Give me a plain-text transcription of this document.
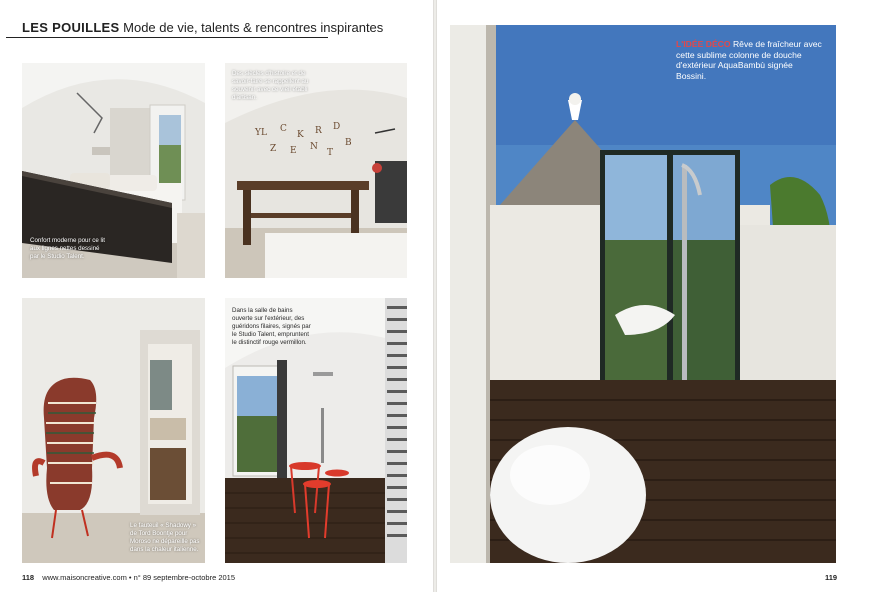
LES POUILLES Mode de vie, talents & rencontres inspirantes
Confort moderne pour ce lit aux lignes nettes dessiné par le Studio Talent.
YL C
K R D
Z E N
T
B
Des siècles d'histoire et de savoir-faire se rappellent au souvenir avec ce vieil établi d'artisan.
Le fauteuil « Shadowy » de Tord Boontje pour Moroso ne dépareille pas dans la chaleur italienne.
Dans la salle de bains ouverte sur l'extérieur, des guéridons filaires, signés par le Studio Talent, empruntent le distinctif rouge vermillon.
L'IDÉE DÉCO Rêve de fraîcheur avec cette sublime colonne de douche d'extérieur AquaBambù signée Bossini.
118 www.maisoncreative.com • n° 89 septembre-octobre 2015	119
